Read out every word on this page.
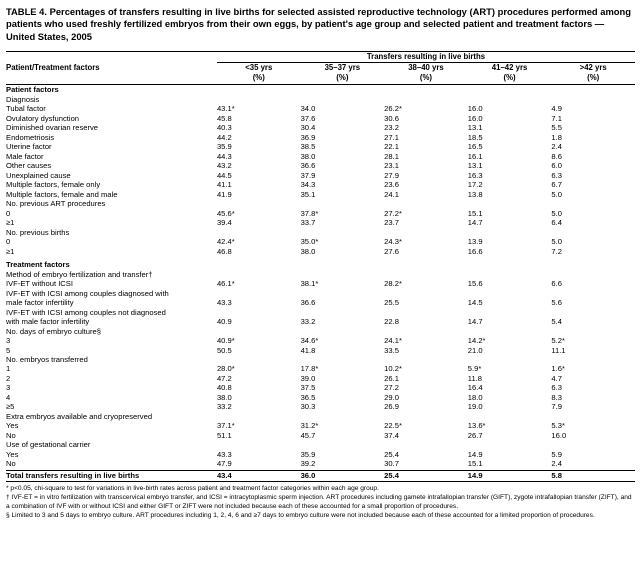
TABLE 4. Percentages of transfers resulting in live births for selected assisted reproductive technology (ART) procedures performed among patients who used freshly fertilized embryos from their own eggs, by patient's age group and selected patient and treatment factors — United States, 2005
	Transfers resulting in live births				
Patient/Treatment factors	<35 yrs	35–37 yrs	38–40 yrs	41–42 yrs	>42 yrs
	(%)	(%)	(%)	(%)	(%)

Patient factors					
Diagnosis					
Tubal factor	43.1*	34.0	26.2*	16.0	4.9
Ovulatory dysfunction	45.8	37.6	30.6	16.0	7.1
Diminished ovarian reserve	40.3	30.4	23.2	13.1	5.5
Endometriosis	44.2	36.9	27.1	18.5	1.8
Uterine factor	35.9	38.5	22.1	16.5	2.4
Male factor	44.3	38.0	28.1	16.1	8.6
Other causes	43.2	36.6	23.1	13.1	6.0
Unexplained cause	44.5	37.9	27.9	16.3	6.3
Multiple factors, female only	41.1	34.3	23.6	17.2	6.7
Multiple factors, female and male	41.9	35.1	24.1	13.8	5.0
No. previous ART procedures					
0	45.6*	37.8*	27.2*	15.1	5.0
≥1	39.4	33.7	23.7	14.7	6.4
No. previous births					
0	42.4*	35.0*	24.3*	13.9	5.0
≥1	46.8	38.0	27.6	16.6	7.2

Treatment factors					
Method of embryo fertilization and transfer†					
IVF-ET without ICSI	46.1*	38.1*	28.2*	15.6	6.6
IVF-ET with ICSI among couples diagnosed with					
male factor infertility	43.3	36.6	25.5	14.5	5.6
IVF-ET with ICSI among couples not diagnosed					
with male factor infertility	40.9	33.2	22.8	14.7	5.4
No. days of embryo culture§					
3	40.9*	34.6*	24.1*	14.2*	5.2*
5	50.5	41.8	33.5	21.0	11.1
No. embryos transferred					
1	28.0*	17.8*	10.2*	5.9*	1.6*
2	47.2	39.0	26.1	11.8	4.7
3	40.8	37.5	27.2	16.4	6.3
4	38.0	36.5	29.0	18.0	8.3
≥5	33.2	30.3	26.9	19.0	7.9
Extra embryos available and cryopreserved					
Yes	37.1*	31.2*	22.5*	13.6*	5.3*
No	51.1	45.7	37.4	26.7	16.0
Use of gestational carrier					
Yes	43.3	35.9	25.4	14.9	5.9
No	47.9	39.2	30.7	15.1	2.4

Total transfers resulting in live births	43.4	36.0	25.4	14.9	5.8

* p<0.05, chi-square to test for variations in live-birth rates across patient and treatment factor categories within each age group.
† IVF-ET = in vitro fertilization with transcervical embryo transfer, and ICSI = intracytoplasmic sperm injection. ART procedures including gamete intrafallopian transfer (GIFT), zygote intrafallopian transfer (ZIFT), and a combination of IVF with or without ICSI and either GIFT or ZIFT were not included because each of these accounted for a small proportion of procedures.
§ Limited to 3 and 5 days to embryo culture. ART procedures including 1, 2, 4, 6 and ≥7 days to embryo culture were not included because each of these accounted for a limited proportion of procedures.
